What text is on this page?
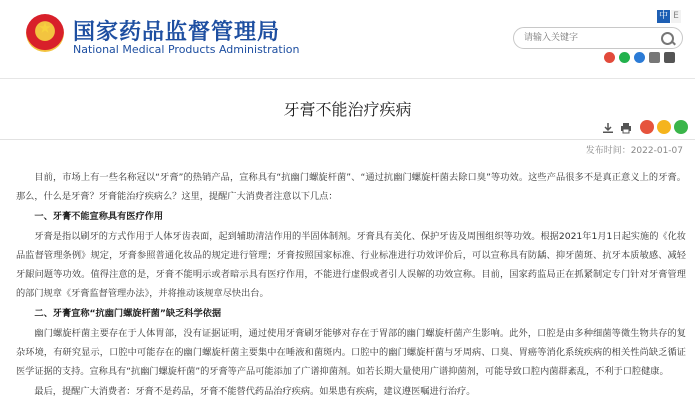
国家药品监督管理局
National Medical Products Administration
中 E
请输入关键字
牙膏不能治疗疾病
发布时间：2022-01-07

目前，市场上有一些名称冠以“牙膏”的热销产品，宣称具有“抗幽门螺旋杆菌”、“通过抗幽门螺旋杆菌去除口臭”等功效。这些产品很多不是真正意义上的牙膏。那么，什么是牙膏？牙膏能治疗疾病么？这里，提醒广大消费者注意以下几点：

一、牙膏不能宣称具有医疗作用

牙膏是指以刷牙的方式作用于人体牙齿表面，起到辅助清洁作用的半固体制剂。牙膏具有美化、保护牙齿及周围组织等功效。根据2021年1月1日起实施的《化妆品监督管理条例》规定，牙膏参照普通化妆品的规定进行管理；牙膏按照国家标准、行业标准进行功效评价后，可以宣称具有防龋、抑牙菌斑、抗牙本质敏感、减轻牙龈问题等功效。值得注意的是，牙膏不能明示或者暗示具有医疗作用，不能进行虚假或者引人误解的功效宣称。目前，国家药监局正在抓紧制定专门针对牙膏管理的部门规章《牙膏监督管理办法》，并将推动该规章尽快出台。

二、牙膏宣称“抗幽门螺旋杆菌”缺乏科学依据

幽门螺旋杆菌主要存在于人体胃部，没有证据证明，通过使用牙膏刷牙能够对存在于胃部的幽门螺旋杆菌产生影响。此外，口腔是由多种细菌等微生物共存的复杂环境，有研究显示，口腔中可能存在的幽门螺旋杆菌主要集中在唾液和菌斑内。口腔中的幽门螺旋杆菌与牙周病、口臭、胃癌等消化系统疾病的相关性尚缺乏循证医学证据的支持。宣称具有“抗幽门螺旋杆菌”的牙膏等产品可能添加了广谱抑菌剂。如若长期大量使用广谱抑菌剂，可能导致口腔内菌群紊乱，不利于口腔健康。

最后，提醒广大消费者：牙膏不是药品，牙膏不能替代药品治疗疾病。如果患有疾病，建议遵医嘱进行治疗。
